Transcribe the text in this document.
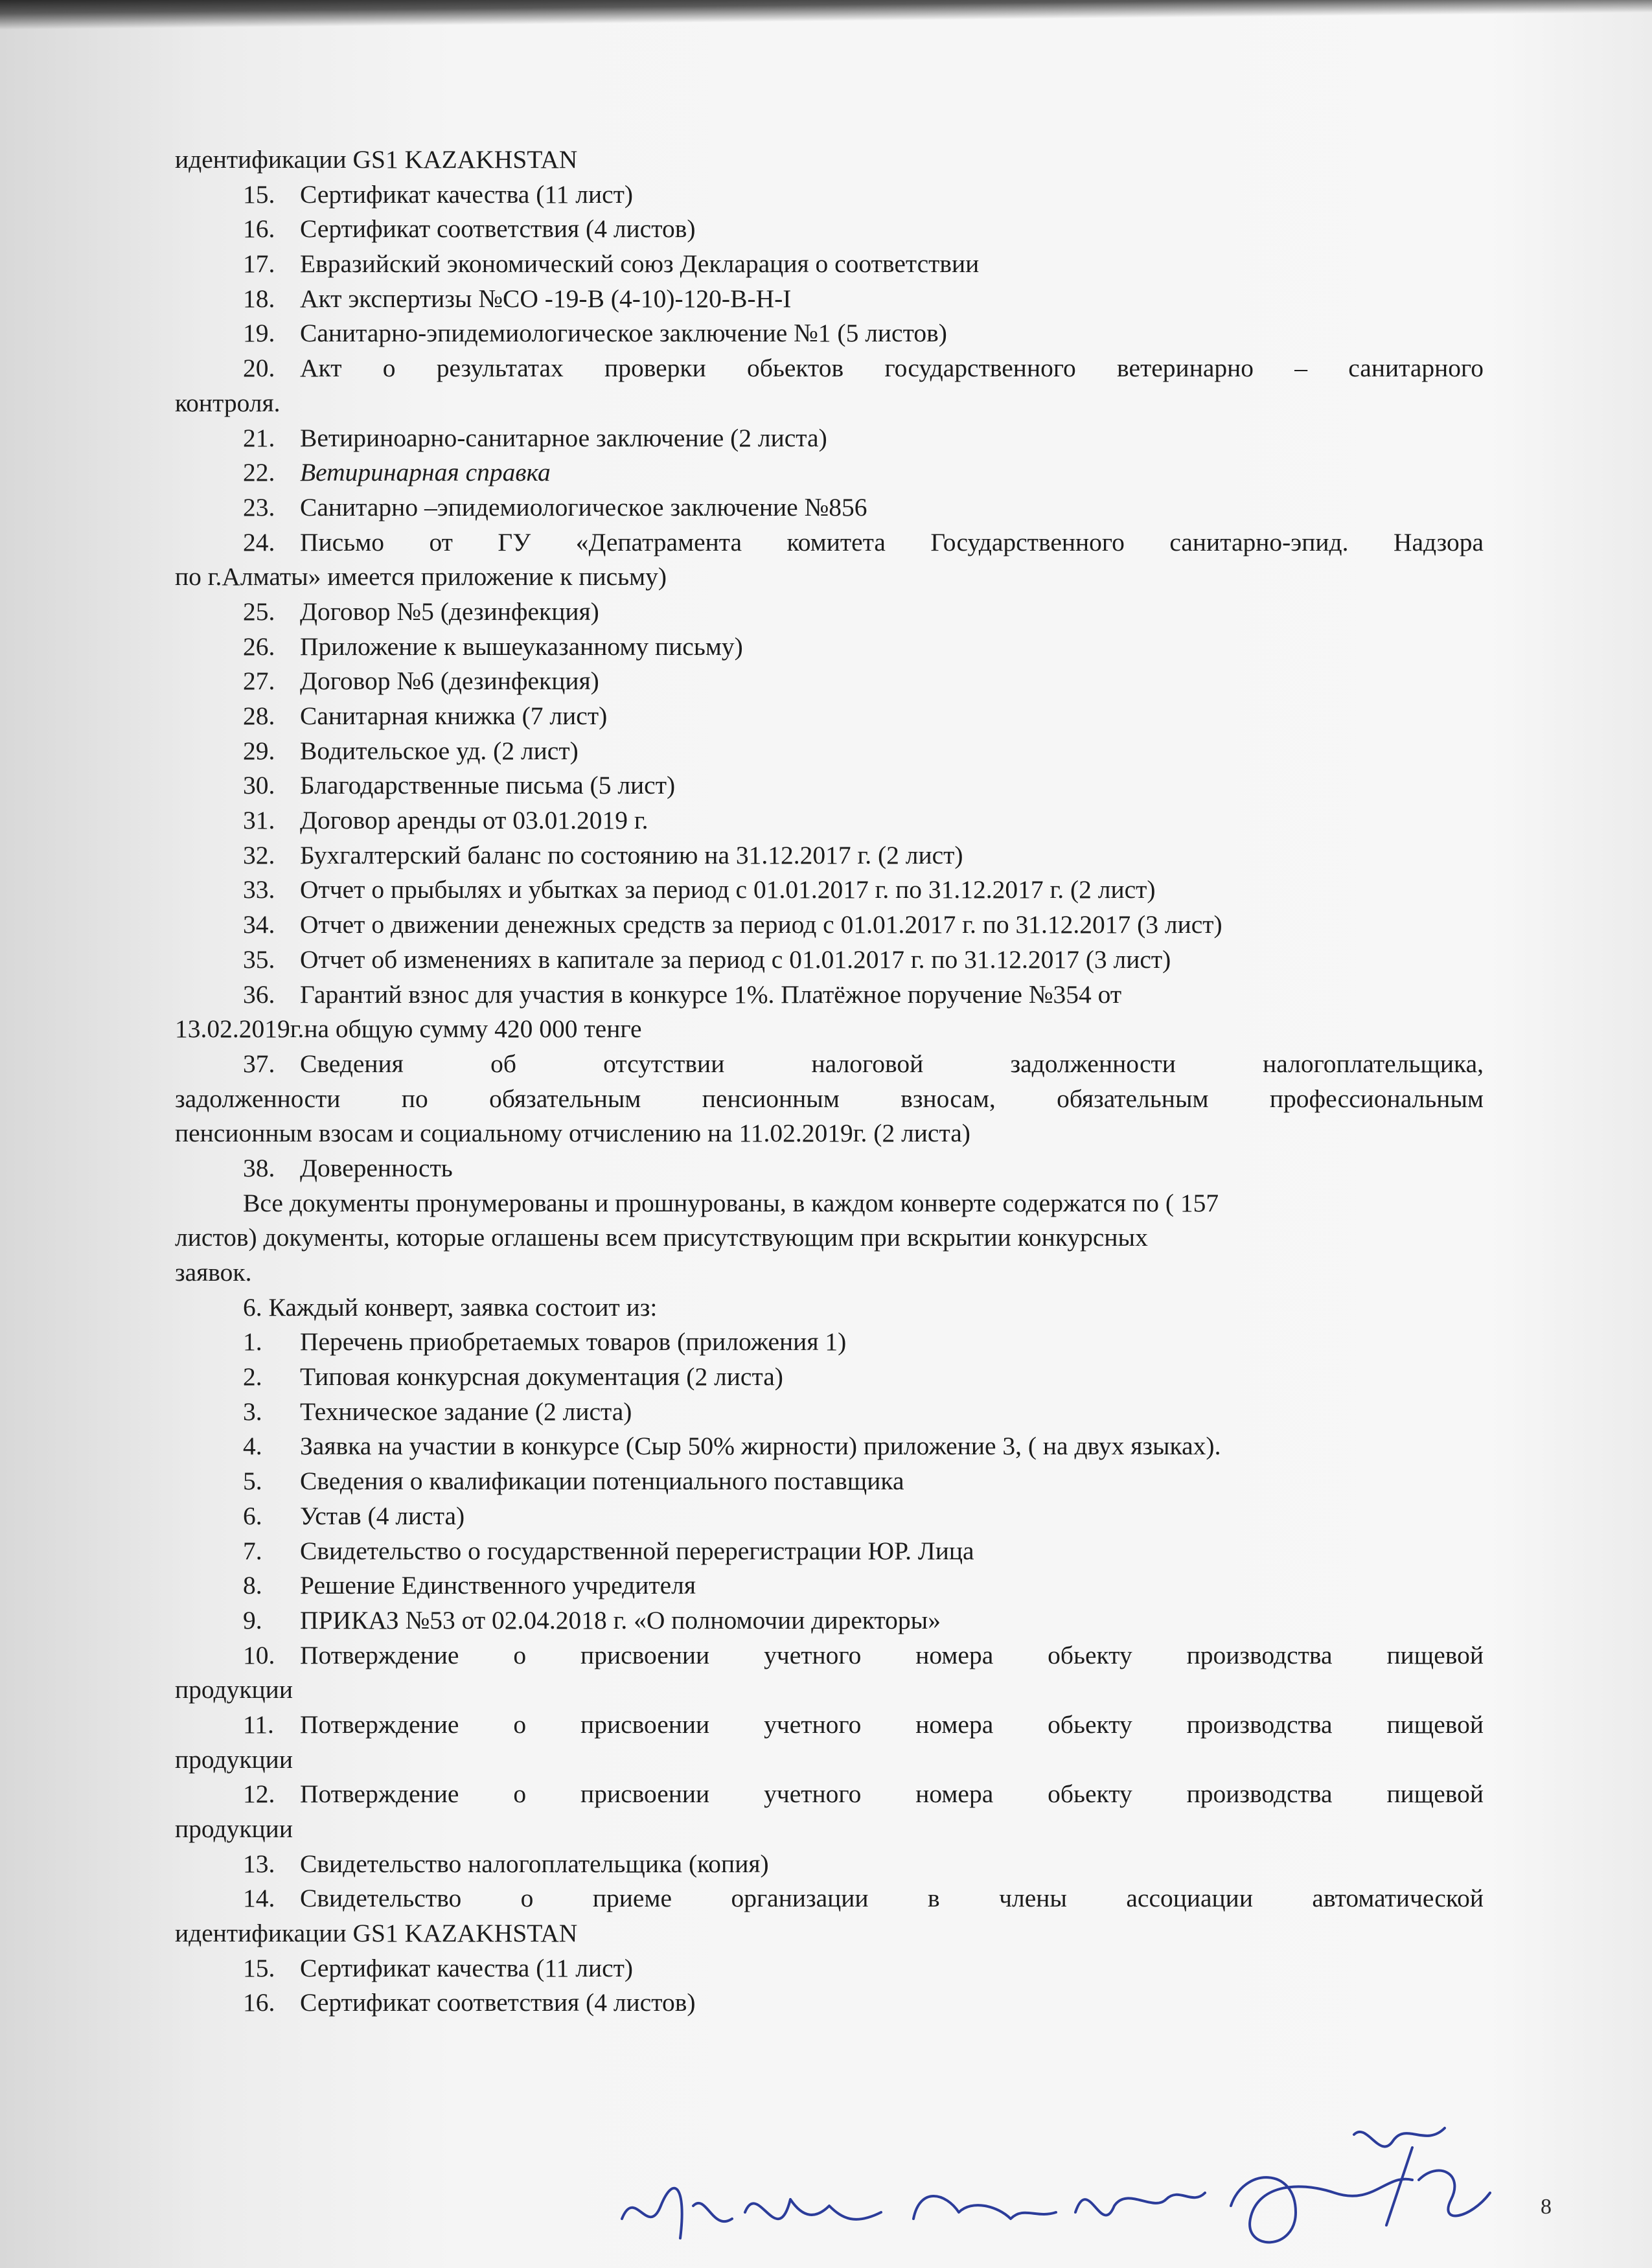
идентификации GS1 KAZAKHSTAN
15. Сертификат качества (11 лист)
16. Сертификат соответствия (4 листов)
17. Евразийский экономический союз Декларация о соответствии
18. Акт экспертизы №СО -19-В (4-10)-120-В-Н-I
19. Санитарно-эпидемиологическое заключение №1 (5 листов)
20. Акт о результатах проверки обьектов государственного ветеринарно – санитарного
контроля.
21. Ветириноарно-санитарное заключение (2 листа)
22. Ветиринарная справка
23. Санитарно –эпидемиологическое заключение №856
24. Письмо от ГУ «Депатрамента комитета Государственного санитарно-эпид. Надзора
по г.Алматы» имеется приложение к письму)
25. Договор №5 (дезинфекция)
26. Приложение к вышеуказанному письму)
27. Договор №6 (дезинфекция)
28. Санитарная книжка (7 лист)
29. Водительское уд. (2 лист)
30. Благодарственные письма (5 лист)
31. Договор аренды от 03.01.2019 г.
32. Бухгалтерский баланс по состоянию на 31.12.2017 г. (2 лист)
33. Отчет о прыбылях и убытках за период с 01.01.2017 г. по 31.12.2017 г. (2 лист)
34. Отчет о движении денежных средств за период с 01.01.2017 г. по 31.12.2017 (3 лист)
35. Отчет об изменениях в капитале за период с 01.01.2017 г. по 31.12.2017 (3 лист)
36. Гарантий взнос для участия в конкурсе 1%. Платёжное поручение №354 от
13.02.2019г.на общую сумму 420 000 тенге
37. Сведения об отсутствии налоговой задолженности налогоплательщика,
задолженности по обязательным пенсионным взносам, обязательным профессиональным
пенсионным взосам и социальному отчислению на 11.02.2019г. (2 листа)
38. Доверенность
Все документы пронумерованы и прошнурованы, в каждом конверте содержатся по ( 157
листов) документы, которые оглашены всем присутствующим при вскрытии конкурсных
заявок.
6. Каждый конверт, заявка состоит из:
1. Перечень приобретаемых товаров (приложения 1)
2. Типовая конкурсная документация (2 листа)
3. Техническое задание (2 листа)
4. Заявка на участии в конкурсе (Сыр 50% жирности) приложение 3, ( на двух языках).
5. Сведения о квалификации потенциального поставщика
6. Устав (4 листа)
7. Свидетельство о государственной перерегистрации ЮР. Лица
8. Решение Единственного учредителя
9. ПРИКАЗ №53 от 02.04.2018 г. «О полномочии директоры»
10. Потверждение о присвоении учетного номера обьекту производства пищевой
продукции
11. Потверждение о присвоении учетного номера обьекту производства пищевой
продукции
12. Потверждение о присвоении учетного номера обьекту производства пищевой
продукции
13. Свидетельство налогоплательщика (копия)
14. Свидетельство о приеме организации в члены ассоциации автоматической
идентификации GS1 KAZAKHSTAN
15. Сертификат качества (11 лист)
16. Сертификат соответствия (4 листов)
8
